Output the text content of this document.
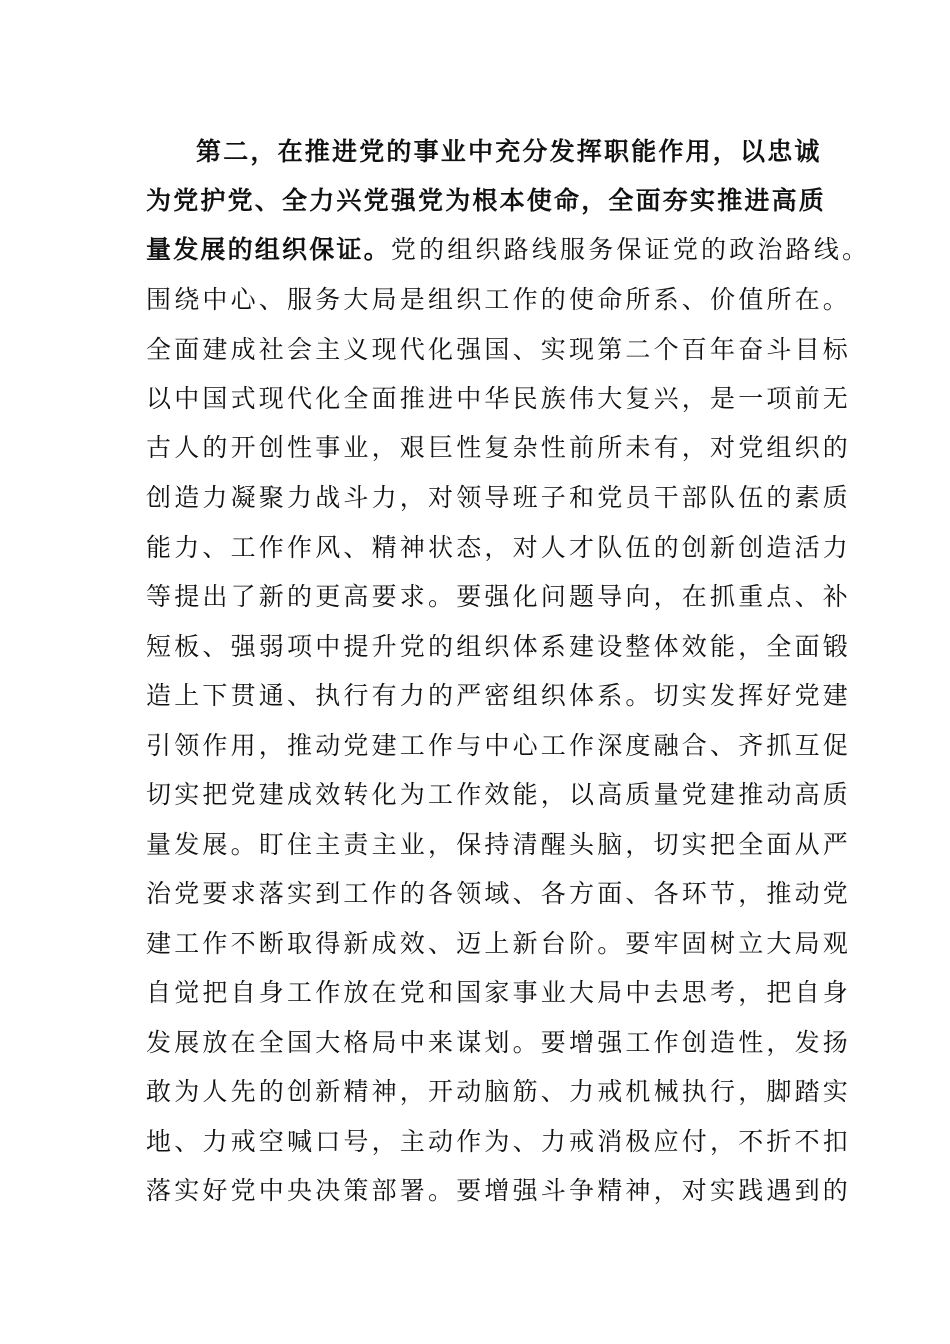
第二，在推进党的事业中充分发挥职能作用，以忠诚
为党护党、全力兴党强党为根本使命，全面夯实推进高质
量发展的组织保证。党的组织路线服务保证党的政治路线。
围绕中心、服务大局是组织工作的使命所系、价值所在。
全面建成社会主义现代化强国、实现第二个百年奋斗目标
以中国式现代化全面推进中华民族伟大复兴，是一项前无
古人的开创性事业，艰巨性复杂性前所未有，对党组织的
创造力凝聚力战斗力，对领导班子和党员干部队伍的素质
能力、工作作风、精神状态，对人才队伍的创新创造活力
等提出了新的更高要求。要强化问题导向，在抓重点、补
短板、强弱项中提升党的组织体系建设整体效能，全面锻
造上下贯通、执行有力的严密组织体系。切实发挥好党建
引领作用，推动党建工作与中心工作深度融合、齐抓互促
切实把党建成效转化为工作效能，以高质量党建推动高质
量发展。盯住主责主业，保持清醒头脑，切实把全面从严
治党要求落实到工作的各领域、各方面、各环节，推动党
建工作不断取得新成效、迈上新台阶。要牢固树立大局观
自觉把自身工作放在党和国家事业大局中去思考，把自身
发展放在全国大格局中来谋划。要增强工作创造性，发扬
敢为人先的创新精神，开动脑筋、力戒机械执行，脚踏实
地、力戒空喊口号，主动作为、力戒消极应付，不折不扣
落实好党中央决策部署。要增强斗争精神，对实践遇到的
